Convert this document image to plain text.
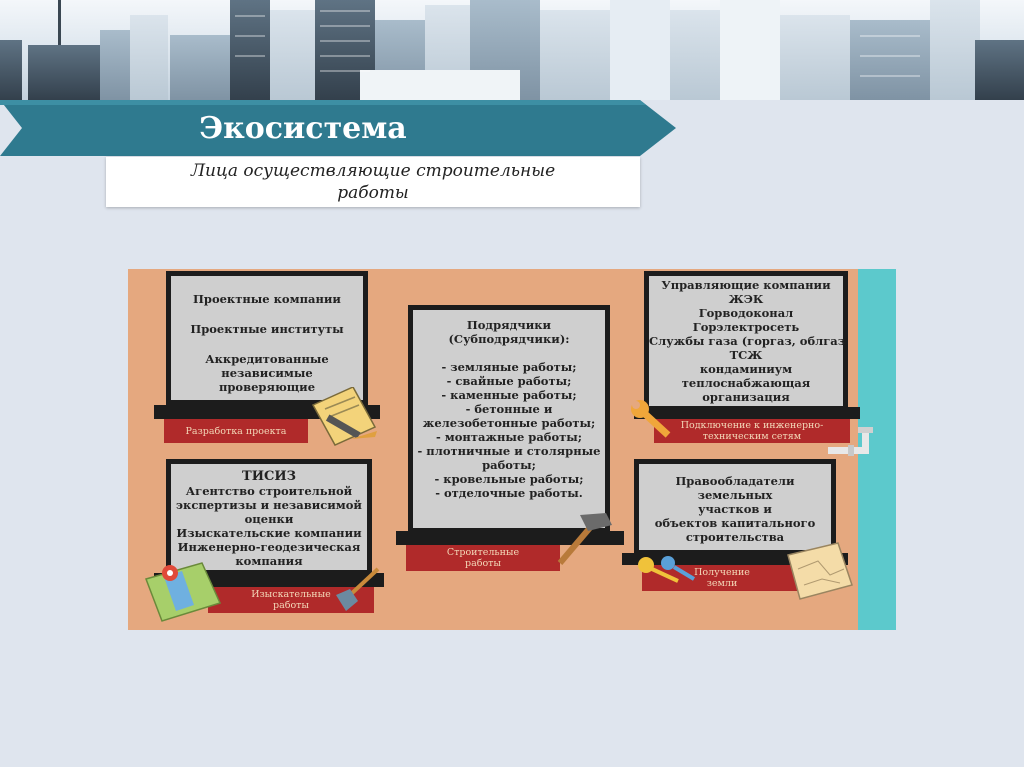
Экосистема
Лица осуществляющие строительные
работы
Проектные компании
Проектные институты
Аккредитованные
независимые
проверяющие
Разработка проекта
ТИСИЗ
Агентство строительной
экспертизы и независимой
оценки
Изыскательские компании
Инженерно-геодезическая
компания
Изыскательные
работы
Подрядчики
(Субподрядчики):
- земляные работы;
- свайные работы;
- каменные работы;
- бетонные и
железобетонные работы;
- монтажные работы;
- плотничные и столярные
работы;
- кровельные работы;
- отделочные работы.
Строительные
работы
Управляющие компании
ЖЭК
Горводоконал
Горэлектросеть
Службы газа (горгаз, облгаз
ТСЖ
кондаминиум
теплоснабжающая
организация
Подключение к инженерно-
техническим сетям
Правообладатели
земельных
участков и
объектов капитального
строительства
Получение
земли
